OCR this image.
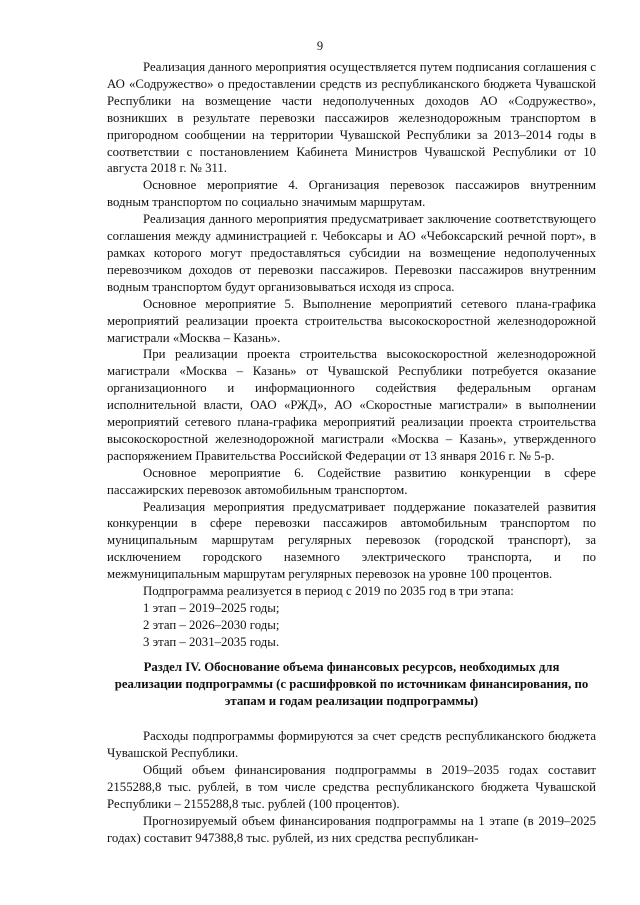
9

Реализация данного мероприятия осуществляется путем подписания соглашения с АО «Содружество» о предоставлении средств из республиканского бюджета Чувашской Республики на возмещение части недополученных доходов АО «Содружество», возникших в результате перевозки пассажиров железнодорожным транспортом в пригородном сообщении на территории Чувашской Республики за 2013–2014 годы в соответствии с постановлением Кабинета Министров Чувашской Республики от 10 августа 2018 г. № 311.

Основное мероприятие 4. Организация перевозок пассажиров внутренним водным транспортом по социально значимым маршрутам.

Реализация данного мероприятия предусматривает заключение соответствующего соглашения между администрацией г. Чебоксары и АО «Чебоксарский речной порт», в рамках которого могут предоставляться субсидии на возмещение недополученных перевозчиком доходов от перевозки пассажиров. Перевозки пассажиров внутренним водным транспортом будут организовываться исходя из спроса.

Основное мероприятие 5. Выполнение мероприятий сетевого плана-графика мероприятий реализации проекта строительства высокоскоростной железнодорожной магистрали «Москва – Казань».

При реализации проекта строительства высокоскоростной железнодорожной магистрали «Москва – Казань» от Чувашской Республики потребуется оказание организационного и информационного содействия федеральным органам исполнительной власти, ОАО «РЖД», АО «Скоростные магистрали» в выполнении мероприятий сетевого плана-графика мероприятий реализации проекта строительства высокоскоростной железнодорожной магистрали «Москва – Казань», утвержденного распоряжением Правительства Российской Федерации от 13 января 2016 г. № 5-р.

Основное мероприятие 6. Содействие развитию конкуренции в сфере пассажирских перевозок автомобильным транспортом.

Реализация мероприятия предусматривает поддержание показателей развития конкуренции в сфере перевозки пассажиров автомобильным транспортом по муниципальным маршрутам регулярных перевозок (городской транспорт), за исключением городского наземного электрического транспорта, и по межмуниципальным маршрутам регулярных перевозок на уровне 100 процентов.

Подпрограмма реализуется в период с 2019 по 2035 год в три этапа:

1 этап – 2019–2025 годы;

2 этап – 2026–2030 годы;

3 этап – 2031–2035 годы.

Раздел IV. Обоснование объема финансовых ресурсов, необходимых для реализации подпрограммы (с расшифровкой по источникам финансирования, по этапам и годам реализации подпрограммы)

Расходы подпрограммы формируются за счет средств республиканского бюджета Чувашской Республики.

Общий объем финансирования подпрограммы в 2019–2035 годах составит 2155288,8 тыс. рублей, в том числе средства республиканского бюджета Чувашской Республики – 2155288,8 тыс. рублей (100 процентов).

Прогнозируемый объем финансирования подпрограммы на 1 этапе (в 2019–2025 годах) составит 947388,8 тыс. рублей, из них средства республикан-
